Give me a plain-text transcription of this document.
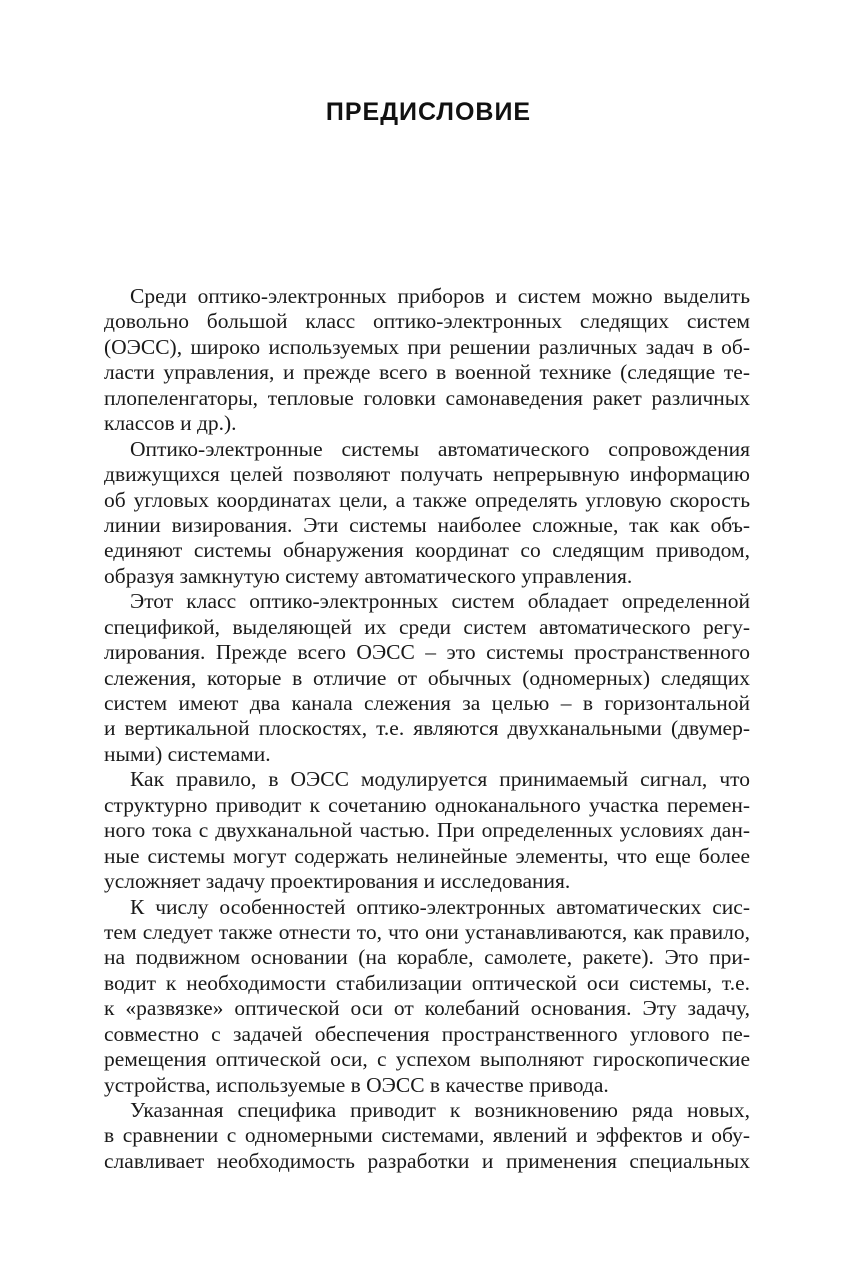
ПРЕДИСЛОВИЕ
Среди оптико-электронных приборов и систем можно выделить
довольно большой класс оптико-электронных следящих систем
(ОЭСС), широко используемых при решении различных задач в об-
ласти управления, и прежде всего в военной технике (следящие те-
плопеленгаторы, тепловые головки самонаведения ракет различных
классов и др.).
Оптико-электронные системы автоматического сопровождения
движущихся целей позволяют получать непрерывную информацию
об угловых координатах цели, а также определять угловую скорость
линии визирования. Эти системы наиболее сложные, так как объ-
единяют системы обнаружения координат со следящим приводом,
образуя замкнутую систему автоматического управления.
Этот класс оптико-электронных систем обладает определенной
спецификой, выделяющей их среди систем автоматического регу-
лирования. Прежде всего ОЭСС – это системы пространственного
слежения, которые в отличие от обычных (одномерных) следящих
систем имеют два канала слежения за целью – в горизонтальной
и вертикальной плоскостях, т.е. являются двухканальными (двумер-
ными) системами.
Как правило, в ОЭСС модулируется принимаемый сигнал, что
структурно приводит к сочетанию одноканального участка перемен-
ного тока с двухканальной частью. При определенных условиях дан-
ные системы могут содержать нелинейные элементы, что еще более
усложняет задачу проектирования и исследования.
К числу особенностей оптико-электронных автоматических сис-
тем следует также отнести то, что они устанавливаются, как правило,
на подвижном основании (на корабле, самолете, ракете). Это при-
водит к необходимости стабилизации оптической оси системы, т.е.
к «развязке» оптической оси от колебаний основания. Эту задачу,
совместно с задачей обеспечения пространственного углового пе-
ремещения оптической оси, с успехом выполняют гироскопические
устройства, используемые в ОЭСС в качестве привода.
Указанная специфика приводит к возникновению ряда новых,
в сравнении с одномерными системами, явлений и эффектов и обу-
славливает необходимость разработки и применения специальных
